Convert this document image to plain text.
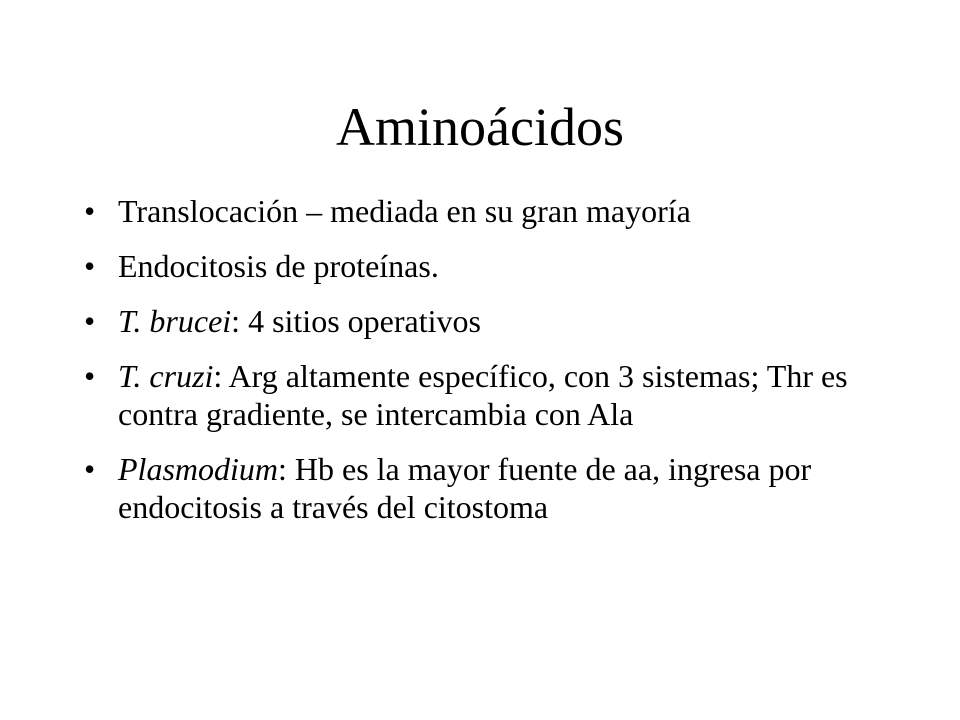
Aminoácidos
• Translocación – mediada en su gran mayoría
• Endocitosis de proteínas.
• T. brucei: 4 sitios operativos
• T. cruzi: Arg altamente específico, con 3 sistemas; Thr es contra gradiente, se intercambia con Ala
• Plasmodium: Hb es la mayor fuente de aa, ingresa por endocitosis a través del citostoma
